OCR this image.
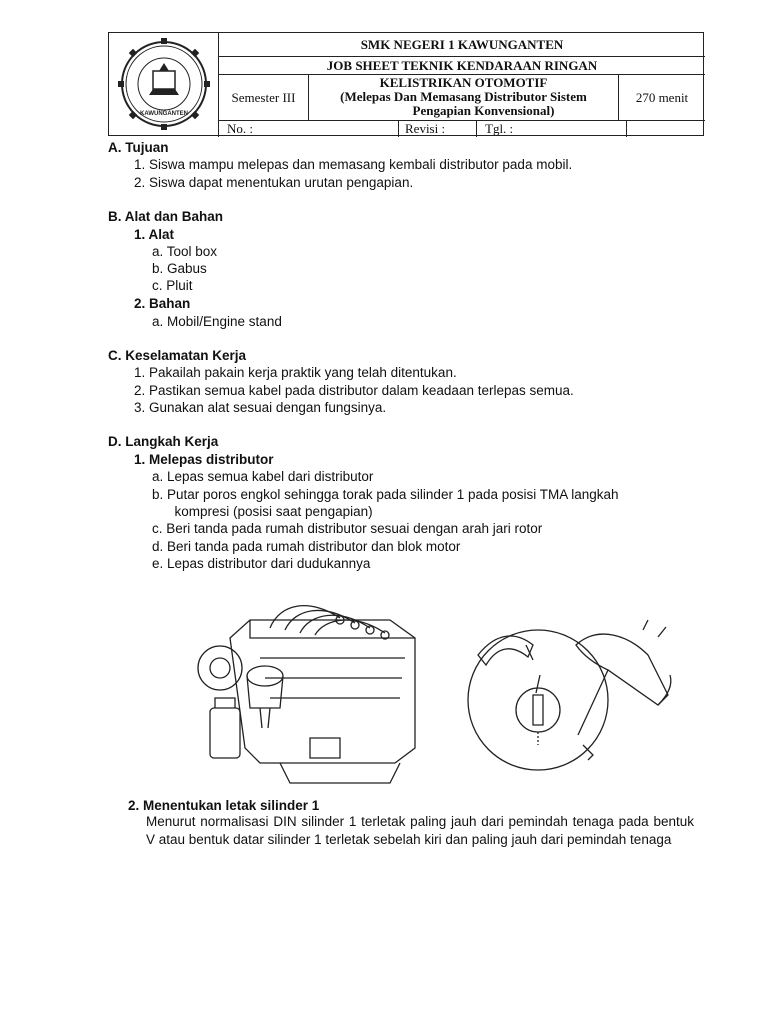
KAWUNGANTEN
SMK NEGERI 1 KAWUNGANTEN
JOB SHEET TEKNIK KENDARAAN RINGAN
Semester III
KELISTRIKAN OTOMOTIF
(Melepas Dan Memasang Distributor Sistem
Pengapian Konvensional)
270 menit
No. :	Revisi :	Tgl. :
A. Tujuan
1. Siswa mampu melepas dan memasang kembali distributor pada mobil.
2. Siswa dapat menentukan urutan pengapian.
B. Alat dan Bahan
1. Alat
a. Tool box
b. Gabus
c. Pluit
2. Bahan
a. Mobil/Engine stand
C. Keselamatan Kerja
1. Pakailah pakain kerja praktik yang telah ditentukan.
2. Pastikan semua kabel pada distributor dalam keadaan terlepas semua.
3. Gunakan alat sesuai dengan fungsinya.
D. Langkah Kerja
1. Melepas distributor
a. Lepas semua kabel dari distributor
b. Putar poros engkol sehingga torak pada silinder 1 pada posisi TMA langkah
kompresi (posisi saat pengapian)
c. Beri tanda pada rumah distributor sesuai dengan arah jari rotor
d. Beri tanda pada rumah distributor dan blok motor
e. Lepas distributor dari dudukannya
2. Menentukan letak silinder 1
Menurut normalisasi DIN silinder 1 terletak paling jauh dari pemindah tenaga pada bentuk V atau bentuk datar silinder 1 terletak sebelah kiri dan paling jauh dari pemindah tenaga
